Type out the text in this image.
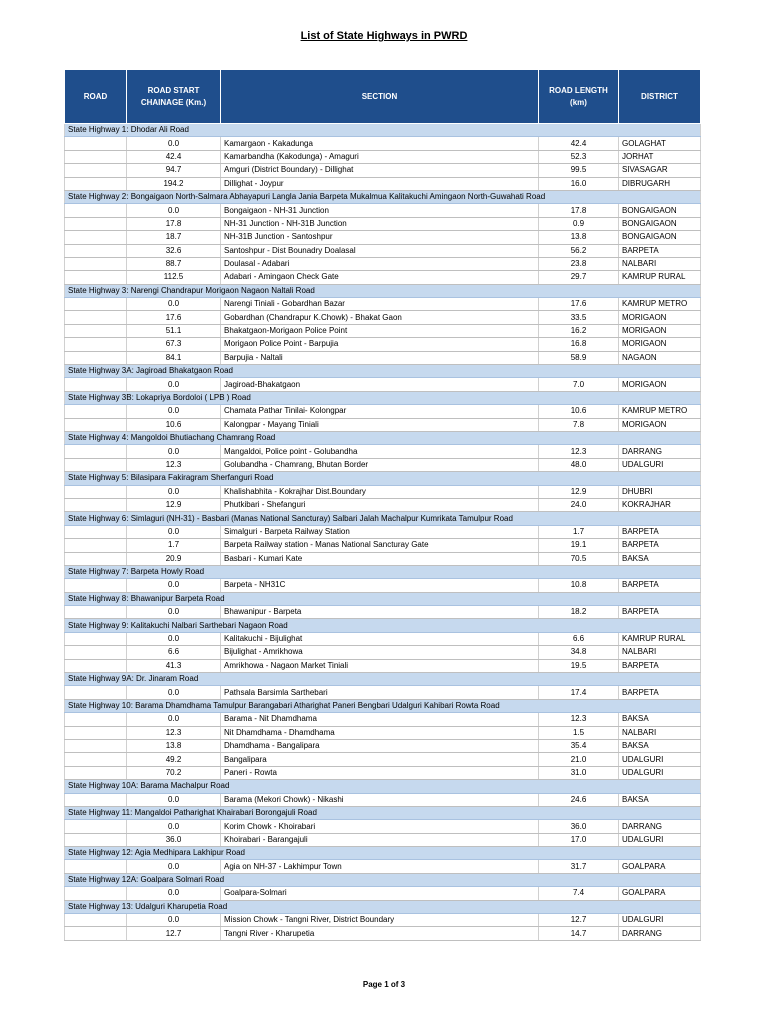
List of State Highways in PWRD
ROAD	ROAD START CHAINAGE (Km.)	SECTION	ROAD LENGTH (km)	DISTRICT
State Highway 1: Dhodar Ali Road				
	0.0	Kamargaon - Kakadunga	42.4	GOLAGHAT
	42.4	Kamarbandha (Kakodunga) - Amaguri	52.3	JORHAT
	94.7	Amguri (District Boundary) - Dillighat	99.5	SIVASAGAR
	194.2	Dillighat - Joypur	16.0	DIBRUGARH
State Highway 2: Bongaigaon North-Salmara Abhayapuri Langla Jania Barpeta Mukalmua Kalitakuchi Amingaon North-Guwahati Road				
	0.0	Bongaigaon - NH-31 Junction	17.8	BONGAIGAON
	17.8	NH-31 Junction - NH-31B Junction	0.9	BONGAIGAON
	18.7	NH-31B Junction - Santoshpur	13.8	BONGAIGAON
	32.6	Santoshpur - Dist Bounadry Doalasal	56.2	BARPETA
	88.7	Doulasal - Adabari	23.8	NALBARI
	112.5	Adabari - Amingaon Check Gate	29.7	KAMRUP RURAL
State Highway 3: Narengi Chandrapur Morigaon Nagaon Naltali Road				
	0.0	Narengi Tiniali - Gobardhan Bazar	17.6	KAMRUP METRO
	17.6	Gobardhan (Chandrapur K.Chowk) - Bhakat Gaon	33.5	MORIGAON
	51.1	Bhakatgaon-Morigaon Police Point	16.2	MORIGAON
	67.3	Morigaon Police Point - Barpujia	16.8	MORIGAON
	84.1	Barpujia - Naltali	58.9	NAGAON
State Highway 3A: Jagiroad Bhakatgaon Road				
	0.0	Jagiroad-Bhakatgaon	7.0	MORIGAON
State Highway 3B: Lokapriya Bordoloi ( LPB ) Road				
	0.0	Chamata Pathar Tinilai- Kolongpar	10.6	KAMRUP METRO
	10.6	Kalongpar - Mayang Tiniali	7.8	MORIGAON
State Highway 4: Mangoldoi Bhutiachang Chamrang Road				
	0.0	Mangaldoi, Police point - Golubandha	12.3	DARRANG
	12.3	Golubandha - Chamrang, Bhutan Border	48.0	UDALGURI
State Highway 5: Bilasipara Fakiragram Sherfanguri Road				
	0.0	Khalishabhita - Kokrajhar Dist.Boundary	12.9	DHUBRI
	12.9	Phutkibari - Shefanguri	24.0	KOKRAJHAR
State Highway 6: Simlaguri (NH-31) - Basbari (Manas National Sancturay) Salbari Jalah Machalpur Kumrikata Tamulpur Road				
	0.0	Simalguri - Barpeta Railway Station	1.7	BARPETA
	1.7	Barpeta Railway station - Manas National Sancturay Gate	19.1	BARPETA
	20.9	Basbari - Kumari Kate	70.5	BAKSA
State Highway 7: Barpeta Howly Road				
	0.0	Barpeta - NH31C	10.8	BARPETA
State Highway 8: Bhawanipur Barpeta Road				
	0.0	Bhawanipur - Barpeta	18.2	BARPETA
State Highway 9: Kalitakuchi Nalbari Sarthebari Nagaon Road				
	0.0	Kalitakuchi - Bijulighat	6.6	KAMRUP RURAL
	6.6	Bijulighat - Amrikhowa	34.8	NALBARI
	41.3	Amrikhowa - Nagaon Market Tiniali	19.5	BARPETA
State Highway 9A: Dr. Jinaram Road				
	0.0	Pathsala Barsimla Sarthebari	17.4	BARPETA
State Highway 10: Barama Dhamdhama Tamulpur Barangabari Atharighat Paneri Bengbari Udalguri Kahibari Rowta Road				
	0.0	Barama - Nit Dhamdhama	12.3	BAKSA
	12.3	Nit Dhamdhama - Dhamdhama	1.5	NALBARI
	13.8	Dhamdhama - Bangalipara	35.4	BAKSA
	49.2	Bangalipara	21.0	UDALGURI
	70.2	Paneri - Rowta	31.0	UDALGURI
State Highway 10A: Barama Machalpur Road				
	0.0	Barama (Mekori Chowk) - Nikashi	24.6	BAKSA
State Highway 11: Mangaldoi Patharighat Khairabari Borongajuli Road				
	0.0	Korim Chowk - Khoirabari	36.0	DARRANG
	36.0	Khoirabari - Barangajuli	17.0	UDALGURI
State Highway 12: Agia Medhipara Lakhipur Road				
	0.0	Agia on NH-37 - Lakhimpur Town	31.7	GOALPARA
State Highway 12A: Goalpara Solmari Road				
	0.0	Goalpara-Solmari	7.4	GOALPARA
State Highway 13: Udalguri Kharupetia Road				
	0.0	Mission Chowk - Tangni River, District Boundary	12.7	UDALGURI
	12.7	Tangni River - Kharupetia	14.7	DARRANG
Page 1 of 3
